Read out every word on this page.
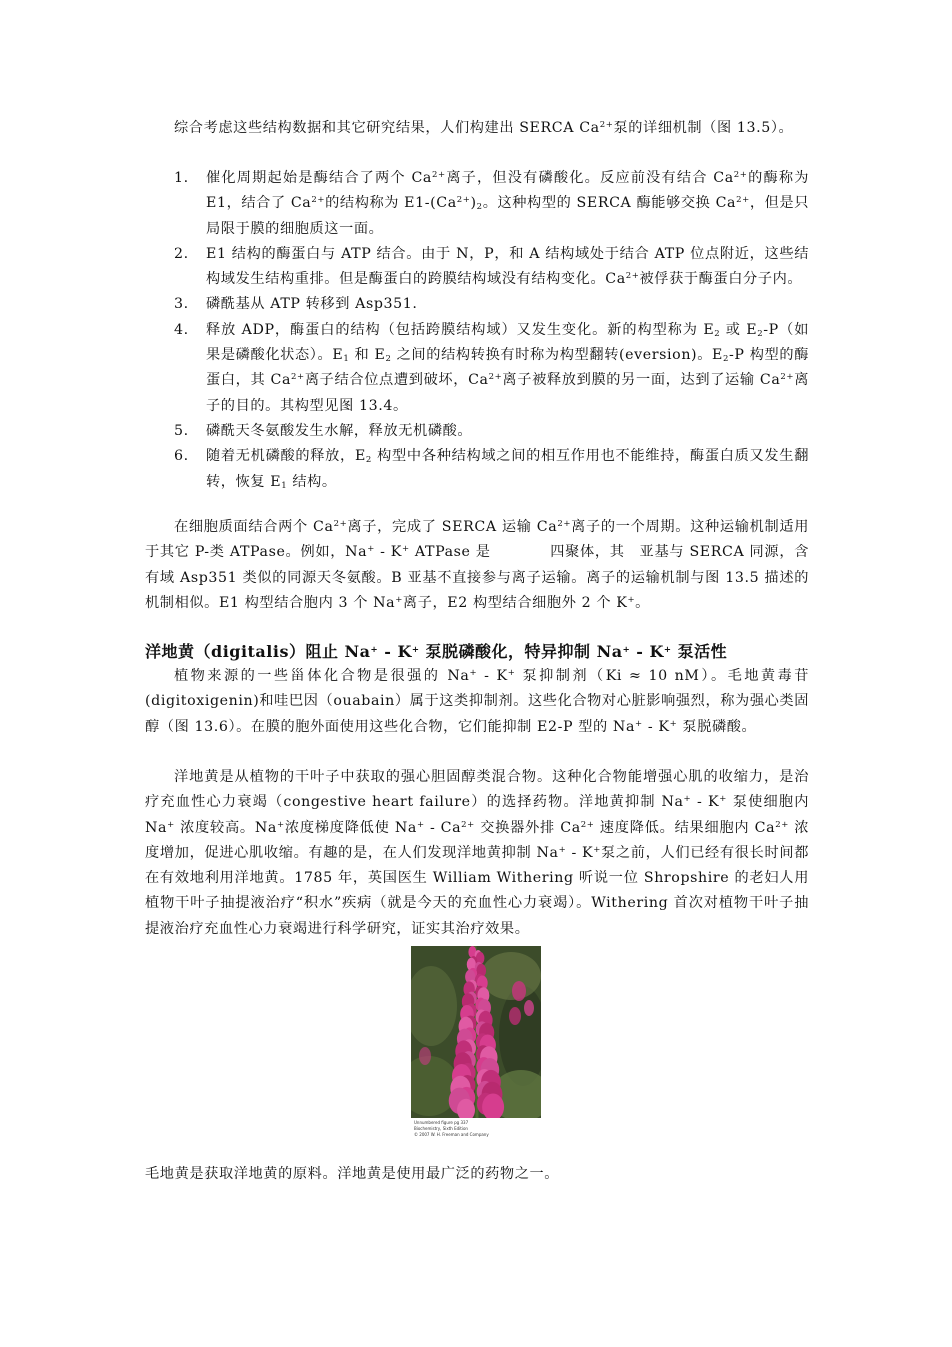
综合考虑这些结构数据和其它研究结果，人们构建出 SERCA $Ca^{2+}$泵的详细机制（图 13.5）。

1. 催化周期起始是酶结合了两个 $Ca^{2+}$离子，但没有磷酸化。反应前没有结合 $Ca^{2+}$的酶称为 E1，结合了 $Ca^{2+}$的结构称为 $E1-(Ca^{2+})_2$。这种构型的 SERCA 酶能够交换 $Ca^{2+}$，但是只局限于膜的细胞质这一面。
2. E1 结构的酶蛋白与 ATP 结合。由于 N，P，和 A 结构域处于结合 ATP 位点附近，这些结构域发生结构重排。但是酶蛋白的跨膜结构域没有结构变化。$Ca^{2+}$被俘获于酶蛋白分子内。
3. 磷酰基从 ATP 转移到 Asp351.
4. 释放 ADP，酶蛋白的结构（包括跨膜结构域）又发生变化。新的构型称为 $E_2$ 或 $E_2-P$（如果是磷酸化状态）。$E_1$ 和 $E_2$ 之间的结构转换有时称为构型翻转(eversion)。$E_2-P$ 构型的酶蛋白，其 $Ca^{2+}$离子结合位点遭到破坏，$Ca^{2+}$离子被释放到膜的另一面，达到了运输 $Ca^{2+}$离子的目的。其构型见图 13.4。
5. 磷酰天冬氨酸发生水解，释放无机磷酸。
6. 随着无机磷酸的释放，$E_2$ 构型中各种结构域之间的相互作用也不能维持，酶蛋白质又发生翻转，恢复 $E_1$ 结构。

在细胞质面结合两个 $Ca^{2+}$离子，完成了 SERCA 运输 $Ca^{2+}$离子的一个周期。这种运输机制适用于其它 P-类 ATPase。例如，Na+ - K+ ATPase 是　　　　四聚体，其　亚基与 SERCA 同源，含有域 Asp351 类似的同源天冬氨酸。B 亚基不直接参与离子运输。离子的运输机制与图 13.5 描述的机制相似。E1 构型结合胞内 3 个 Na+离子，E2 构型结合细胞外 2 个 K+。

洋地黄（digitalis）阻止 Na+ - K+ 泵脱磷酸化，特异抑制 Na+ - K+ 泵活性

植物来源的一些甾体化合物是很强的 Na+ - K+ 泵抑制剂（Ki ≈ 10 nM）。毛地黄毒苷(digitoxigenin)和哇巴因（ouabain）属于这类抑制剂。这些化合物对心脏影响强烈，称为强心类固醇（图 13.6）。在膜的胞外面使用这些化合物，它们能抑制 E2-P 型的 Na+ - K+ 泵脱磷酸。

洋地黄是从植物的干叶子中获取的强心胆固醇类混合物。这种化合物能增强心肌的收缩力，是治疗充血性心力衰竭（congestive heart failure）的选择药物。洋地黄抑制 Na+ - K+ 泵使细胞内 Na+ 浓度较高。Na+浓度梯度降低使 $Na^+ - Ca^{2+}$ 交换器外排 $Ca^{2+}$ 速度降低。结果细胞内 $Ca^{2+}$ 浓度增加，促进心肌收缩。有趣的是，在人们发现洋地黄抑制 Na+ - K+泵之前，人们已经有很长时间都在有效地利用洋地黄。1785 年，英国医生 William Withering 听说一位 Shropshire 的老妇人用植物干叶子抽提液治疗“积水”疾病（就是今天的充血性心力衰竭）。Withering 首次对植物干叶子抽提液治疗充血性心力衰竭进行科学研究，证实其治疗效果。

Unnumbered figure pg 337
Biochemistry, Sixth Edition
© 2007 W. H. Freeman and Company

毛地黄是获取洋地黄的原料。洋地黄是使用最广泛的药物之一。
